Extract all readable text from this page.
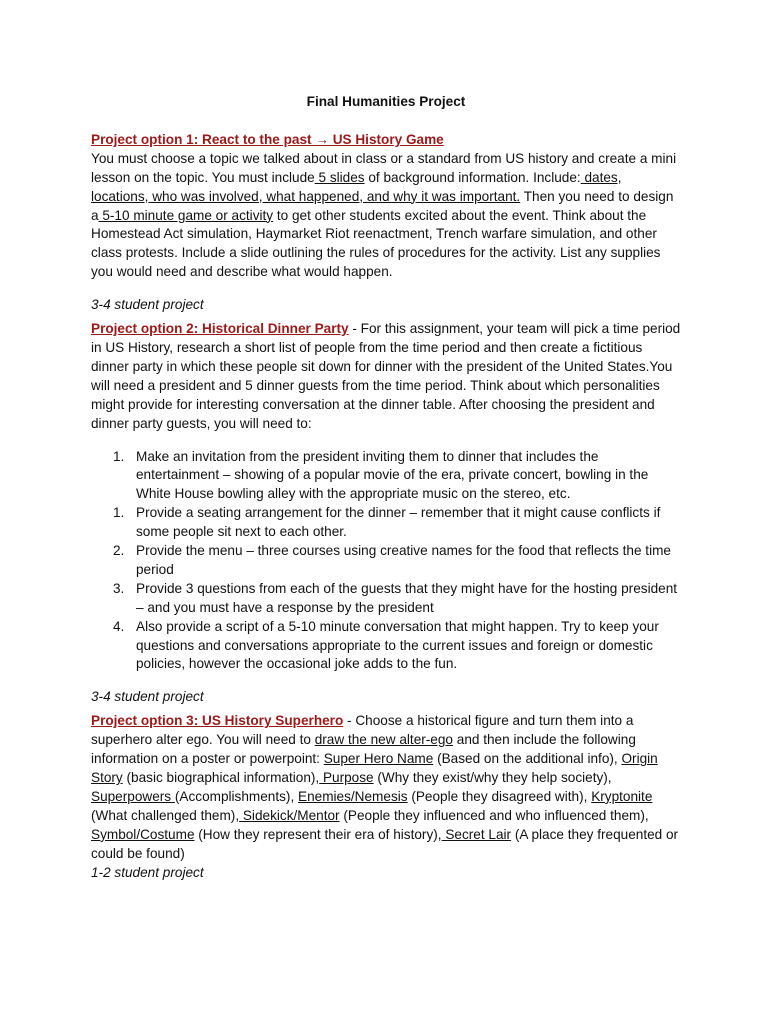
Final Humanities Project
Project option 1: React to the past → US History Game

You must choose a topic we talked about in class or a standard from US history and create a mini lesson on the topic. You must include 5 slides of background information. Include: dates, locations, who was involved, what happened, and why it was important. Then you need to design a 5-10 minute game or activity to get other students excited about the event. Think about the Homestead Act simulation, Haymarket Riot reenactment, Trench warfare simulation, and other class protests. Include a slide outlining the rules of procedures for the activity. List any supplies you would need and describe what would happen.

3-4 student project

Project option 2: Historical Dinner Party - For this assignment, your team will pick a time period in US History, research a short list of people from the time period and then create a fictitious dinner party in which these people sit down for dinner with the president of the United States.You will need a president and 5 dinner guests from the time period. Think about which personalities might provide for interesting conversation at the dinner table. After choosing the president and dinner party guests, you will need to:

1. Make an invitation from the president inviting them to dinner that includes the entertainment – showing of a popular movie of the era, private concert, bowling in the White House bowling alley with the appropriate music on the stereo, etc.
1. Provide a seating arrangement for the dinner – remember that it might cause conflicts if some people sit next to each other.
2. Provide the menu – three courses using creative names for the food that reflects the time period
3. Provide 3 questions from each of the guests that they might have for the hosting president – and you must have a response by the president
4. Also provide a script of a 5-10 minute conversation that might happen. Try to keep your questions and conversations appropriate to the current issues and foreign or domestic policies, however the occasional joke adds to the fun.

3-4 student project

Project option 3: US History Superhero - Choose a historical figure and turn them into a superhero alter ego. You will need to draw the new alter-ego and then include the following information on a poster or powerpoint: Super Hero Name (Based on the additional info), Origin Story (basic biographical information), Purpose (Why they exist/why they help society), Superpowers (Accomplishments), Enemies/Nemesis (People they disagreed with), Kryptonite (What challenged them), Sidekick/Mentor (People they influenced and who influenced them), Symbol/Costume (How they represent their era of history), Secret Lair (A place they frequented or could be found)

1-2 student project
